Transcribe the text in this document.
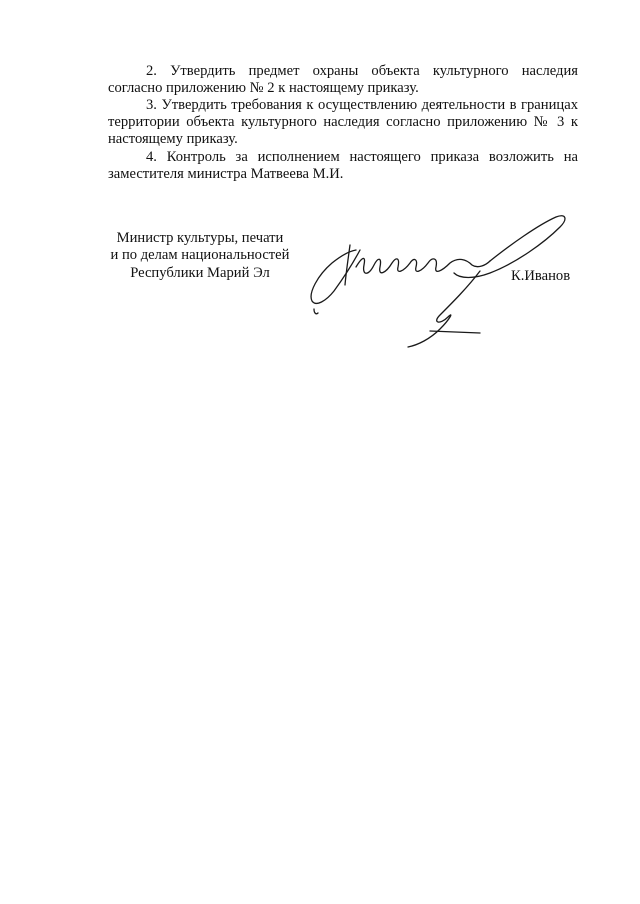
2. Утвердить предмет охраны объекта культурного наследия согласно приложению № 2 к настоящему приказу.
3. Утвердить требования к осуществлению деятельности в границах территории объекта культурного наследия согласно приложению № 3 к настоящему приказу.
4. Контроль за исполнением настоящего приказа возложить на заместителя министра Матвеева М.И.
Министр культуры, печати
и по делам национальностей
Республики Марий Эл	К.Иванов
